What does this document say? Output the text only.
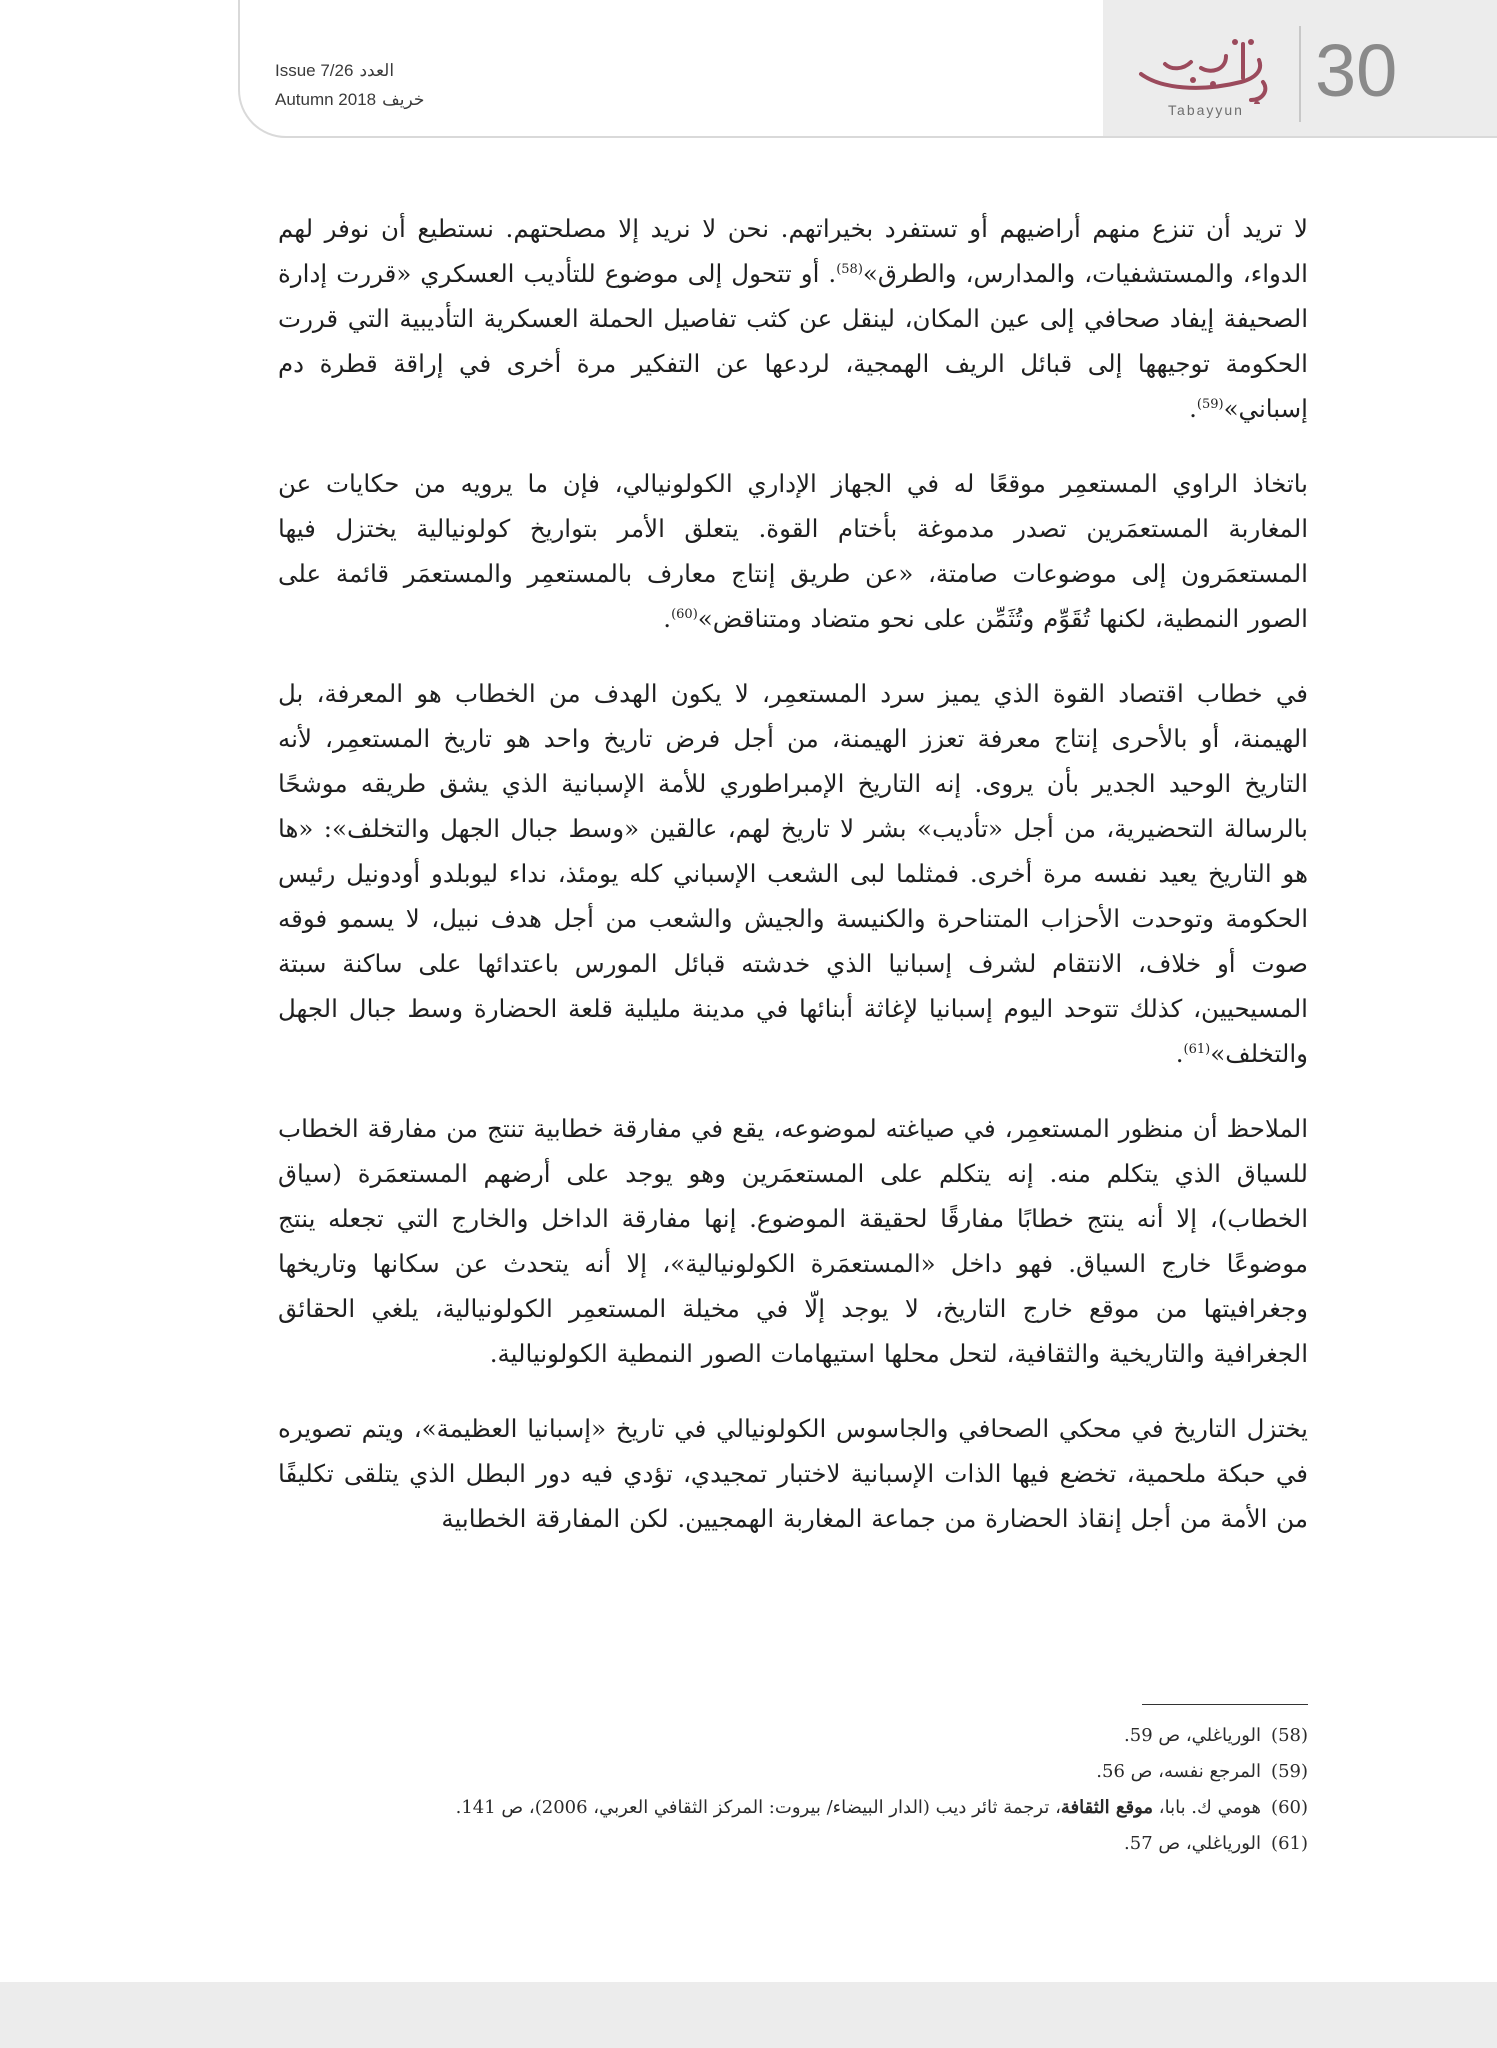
Issue 7/26 العدد
Autumn 2018 خريف
Tabayyun 30

لا تريد أن تنزع منهم أراضيهم أو تستفرد بخيراتهم. نحن لا نريد إلا مصلحتهم. نستطيع أن نوفر لهم الدواء، والمستشفيات، والمدارس، والطرق»$^{(58)}$. أو تتحول إلى موضوع للتأديب العسكري «قررت إدارة الصحيفة إيفاد صحافي إلى عين المكان، لينقل عن كثب تفاصيل الحملة العسكرية التأديبية التي قررت الحكومة توجيهها إلى قبائل الريف الهمجية، لردعها عن التفكير مرة أخرى في إراقة قطرة دم إسباني»$^{(59)}$.

باتخاذ الراوي المستعمِر موقعًا له في الجهاز الإداري الكولونيالي، فإن ما يرويه من حكايات عن المغاربة المستعمَرين تصدر مدموغة بأختام القوة. يتعلق الأمر بتواريخ كولونيالية يختزل فيها المستعمَرون إلى موضوعات صامتة، «عن طريق إنتاج معارف بالمستعمِر والمستعمَر قائمة على الصور النمطية، لكنها تُقَوِّم وتُثَمِّن على نحو متضاد ومتناقض»$^{(60)}$.

في خطاب اقتصاد القوة الذي يميز سرد المستعمِر، لا يكون الهدف من الخطاب هو المعرفة، بل الهيمنة، أو بالأحرى إنتاج معرفة تعزز الهيمنة، من أجل فرض تاريخ واحد هو تاريخ المستعمِر، لأنه التاريخ الوحيد الجدير بأن يروى. إنه التاريخ الإمبراطوري للأمة الإسبانية الذي يشق طريقه موشحًا بالرسالة التحضيرية، من أجل «تأديب» بشر لا تاريخ لهم، عالقين «وسط جبال الجهل والتخلف»: «ها هو التاريخ يعيد نفسه مرة أخرى. فمثلما لبى الشعب الإسباني كله يومئذ، نداء ليوبلدو أودونيل رئيس الحكومة وتوحدت الأحزاب المتناحرة والكنيسة والجيش والشعب من أجل هدف نبيل، لا يسمو فوقه صوت أو خلاف، الانتقام لشرف إسبانيا الذي خدشته قبائل المورس باعتدائها على ساكنة سبتة المسيحيين، كذلك تتوحد اليوم إسبانيا لإغاثة أبنائها في مدينة مليلية قلعة الحضارة وسط جبال الجهل والتخلف»$^{(61)}$.

الملاحظ أن منظور المستعمِر، في صياغته لموضوعه، يقع في مفارقة خطابية تنتج من مفارقة الخطاب للسياق الذي يتكلم منه. إنه يتكلم على المستعمَرين وهو يوجد على أرضهم المستعمَرة (سياق الخطاب)، إلا أنه ينتج خطابًا مفارقًا لحقيقة الموضوع. إنها مفارقة الداخل والخارج التي تجعله ينتج موضوعًا خارج السياق. فهو داخل «المستعمَرة الكولونيالية»، إلا أنه يتحدث عن سكانها وتاريخها وجغرافيتها من موقع خارج التاريخ، لا يوجد إلّا في مخيلة المستعمِر الكولونيالية، يلغي الحقائق الجغرافية والتاريخية والثقافية، لتحل محلها استيهامات الصور النمطية الكولونيالية.

يختزل التاريخ في محكي الصحافي والجاسوس الكولونيالي في تاريخ «إسبانيا العظيمة»، ويتم تصويره في حبكة ملحمية، تخضع فيها الذات الإسبانية لاختبار تمجيدي، تؤدي فيه دور البطل الذي يتلقى تكليفًا من الأمة من أجل إنقاذ الحضارة من جماعة المغاربة الهمجيين. لكن المفارقة الخطابية

(58)الورياغلي، ص 59.

(59)المرجع نفسه، ص 56.

(60)هومي ك. بابا، موقع الثقافة، ترجمة ثائر ديب (الدار البيضاء/ بيروت: المركز الثقافي العربي، 2006)، ص 141.

(61)الورياغلي، ص 57.
